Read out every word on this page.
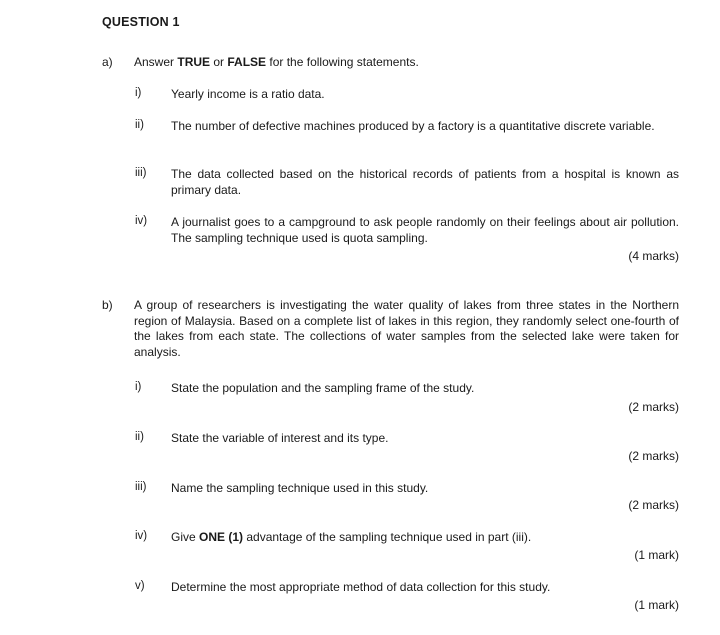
QUESTION 1
a) Answer TRUE or FALSE for the following statements.
i) Yearly income is a ratio data.
ii) The number of defective machines produced by a factory is a quantitative discrete variable.
iii) The data collected based on the historical records of patients from a hospital is known as primary data.
iv) A journalist goes to a campground to ask people randomly on their feelings about air pollution. The sampling technique used is quota sampling.
(4 marks)
b) A group of researchers is investigating the water quality of lakes from three states in the Northern region of Malaysia. Based on a complete list of lakes in this region, they randomly select one-fourth of the lakes from each state. The collections of water samples from the selected lake were taken for analysis.
i) State the population and the sampling frame of the study.
(2 marks)
ii) State the variable of interest and its type.
(2 marks)
iii) Name the sampling technique used in this study.
(2 marks)
iv) Give ONE (1) advantage of the sampling technique used in part (iii).
(1 mark)
v) Determine the most appropriate method of data collection for this study.
(1 mark)
